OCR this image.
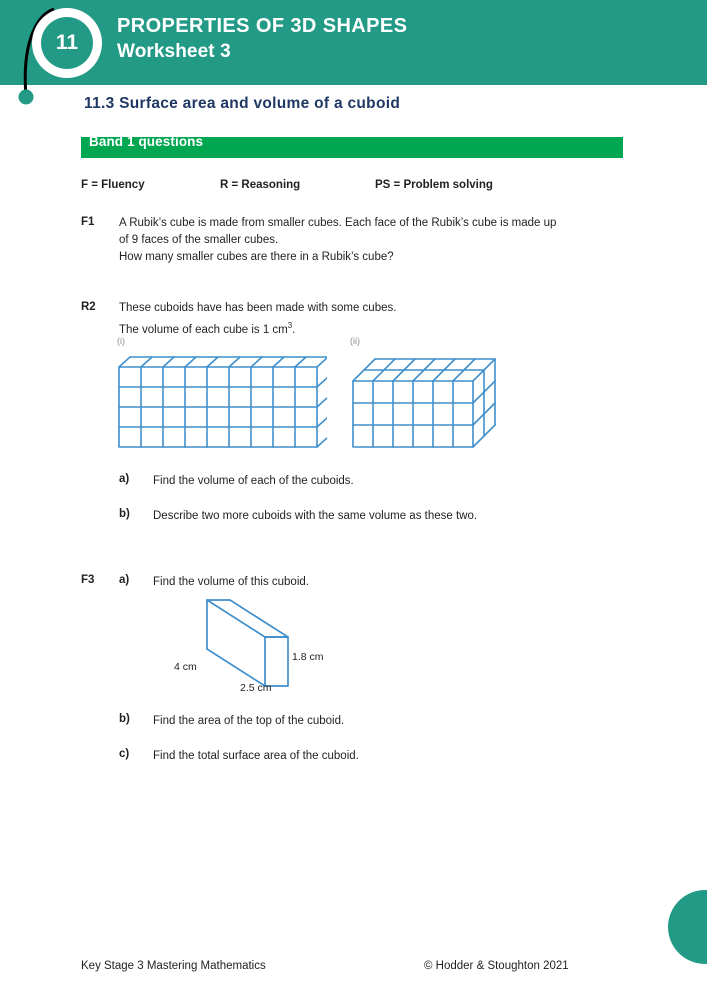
11
PROPERTIES OF 3D SHAPES
Worksheet 3
11.3 Surface area and volume of a cuboid
Band 1 questions
F = Fluency	R = Reasoning	PS = Problem solving
F1 A Rubik’s cube is made from smaller cubes. Each face of the Rubik’s cube is made up
of 9 faces of the smaller cubes.
How many smaller cubes are there in a Rubik’s cube?
R2 These cuboids have has been made with some cubes.
The volume of each cube is 1 $cm^3$.
(i)	(ii)
a) Find the volume of each of the cuboids.
b) Describe two more cuboids with the same volume as these two.
F3 a) Find the volume of this cuboid.
4 cm
2.5 cm
1.8 cm
b) Find the area of the top of the cuboid.
c) Find the total surface area of the cuboid.
Key Stage 3 Mastering Mathematics	© Hodder & Stoughton 2021
